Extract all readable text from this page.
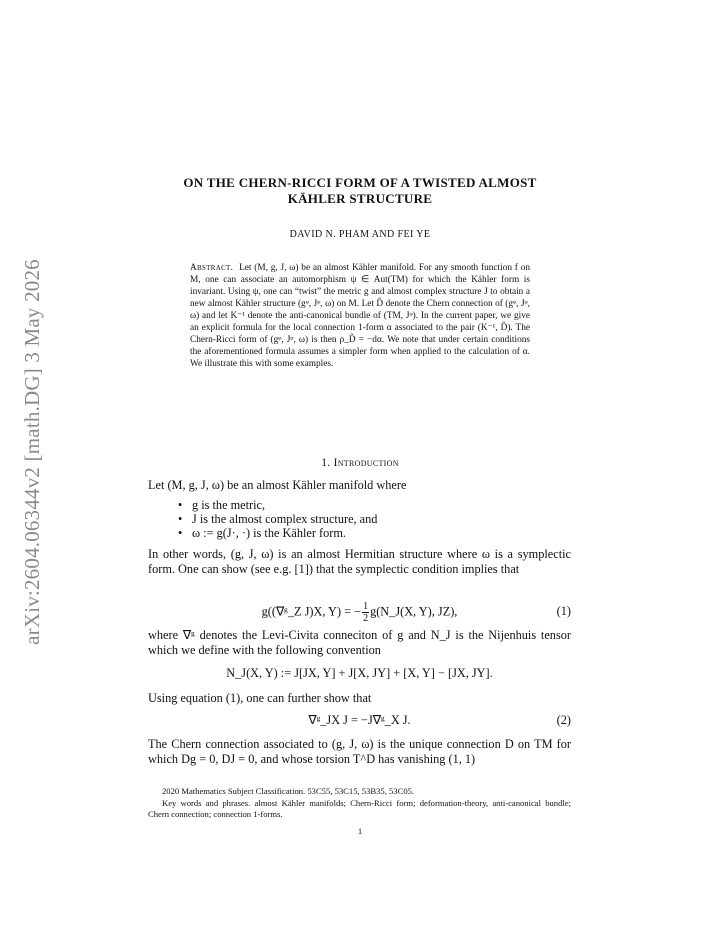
arXiv:2604.06344v2 [math.DG] 3 May 2026
ON THE CHERN-RICCI FORM OF A TWISTED ALMOST
KÄHLER STRUCTURE
DAVID N. PHAM AND FEI YE
Abstract. Let (M, g, J, ω) be an almost Kähler manifold. For any smooth function f on M, one can associate an automorphism ψ ∈ Aut(TM) for which the Kähler form is invariant. Using ψ, one can “twist” the metric g and almost complex structure J to obtain a new almost Kähler structure (gᵠ, Jᵠ, ω) on M. Let D̃ denote the Chern connection of (gᵠ, Jᵠ, ω) and let K⁻¹ denote the anti-canonical bundle of (TM, Jᵠ). In the current paper, we give an explicit formula for the local connection 1-form α associated to the pair (K⁻¹, D̃). The Chern-Ricci form of (gᵠ, Jᵠ, ω) is then ρ_D̃ = −dα. We note that under certain conditions the aforementioned formula assumes a simpler form when applied to the calculation of α. We illustrate this with some examples.
1. Introduction
Let (M, g, J, ω) be an almost Kähler manifold where
• g is the metric,
• J is the almost complex structure, and
• ω := g(J·, ·) is the Kähler form.
In other words, (g, J, ω) is an almost Hermitian structure where ω is a symplectic form. One can show (see e.g. [1]) that the symplectic condition implies that
g((∇ᵍ_Z J)X, Y) = − $\frac{1}{2}$ g(N_J(X, Y), JZ),	(1)
where ∇ᵍ denotes the Levi-Civita conneciton of g and N_J is the Nijenhuis tensor which we define with the following convention
N_J(X, Y) := J[JX, Y] + J[X, JY] + [X, Y] − [JX, JY].
Using equation (1), one can further show that
∇ᵍ_JX J = −J∇ᵍ_X J.	(2)
The Chern connection associated to (g, J, ω) is the unique connection D on TM for which Dg = 0, DJ = 0, and whose torsion T^D has vanishing (1, 1)
2020 Mathematics Subject Classification. 53C55, 53C15, 53B35, 53C05.
Key words and phrases. almost Kähler manifolds; Chern-Ricci form; deformation-theory, anti-canonical bundle; Chern connection; connection 1-forms.
1
